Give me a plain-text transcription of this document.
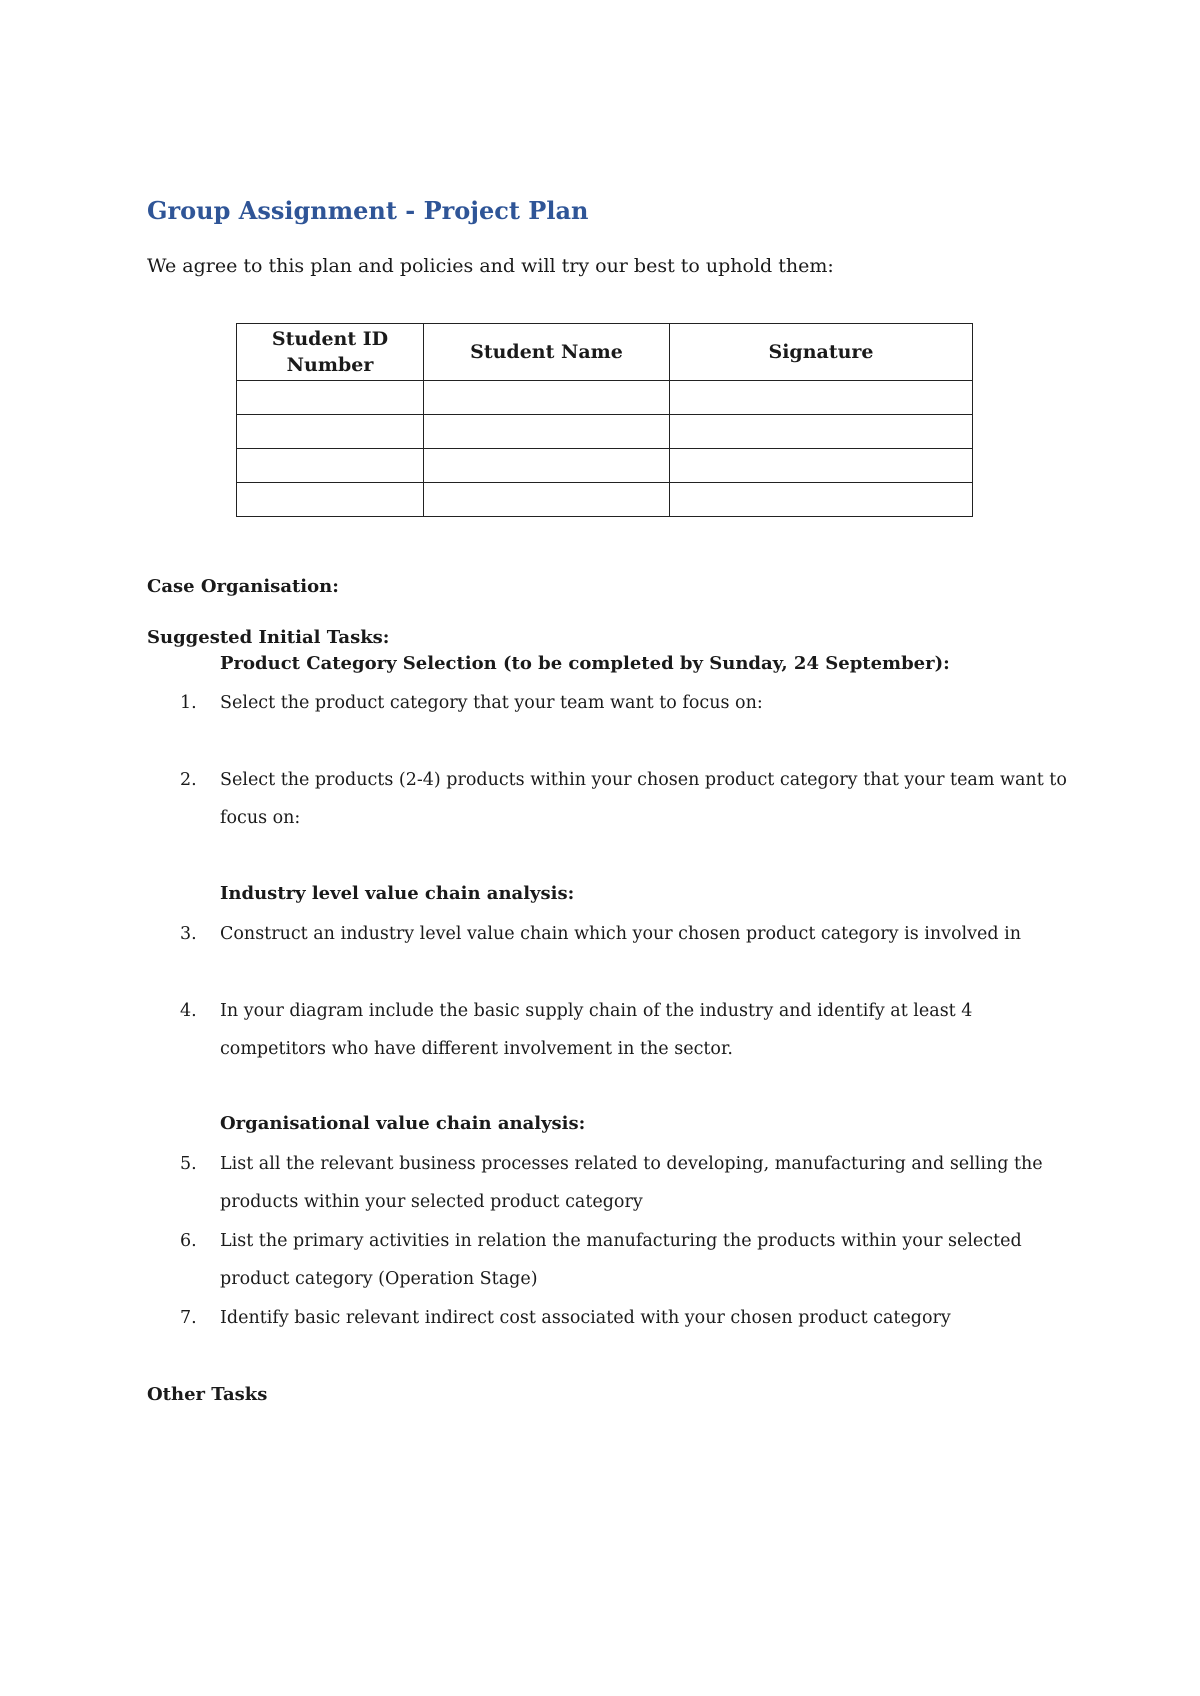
Group Assignment - Project Plan

We agree to this plan and policies and will try our best to uphold them:

Student ID Number	Student Name	Signature

Case Organisation:

Suggested Initial Tasks:

Product Category Selection (to be completed by Sunday, 24 September):

1. Select the product category that your team want to focus on:
2. Select the products (2-4) products within your chosen product category that your team want to focus on:

Industry level value chain analysis:

3. Construct an industry level value chain which your chosen product category is involved in
4. In your diagram include the basic supply chain of the industry and identify at least 4 competitors who have different involvement in the sector.

Organisational value chain analysis:

5. List all the relevant business processes related to developing, manufacturing and selling the products within your selected product category
6. List the primary activities in relation the manufacturing the products within your selected product category (Operation Stage)
7. Identify basic relevant indirect cost associated with your chosen product category

Other Tasks
